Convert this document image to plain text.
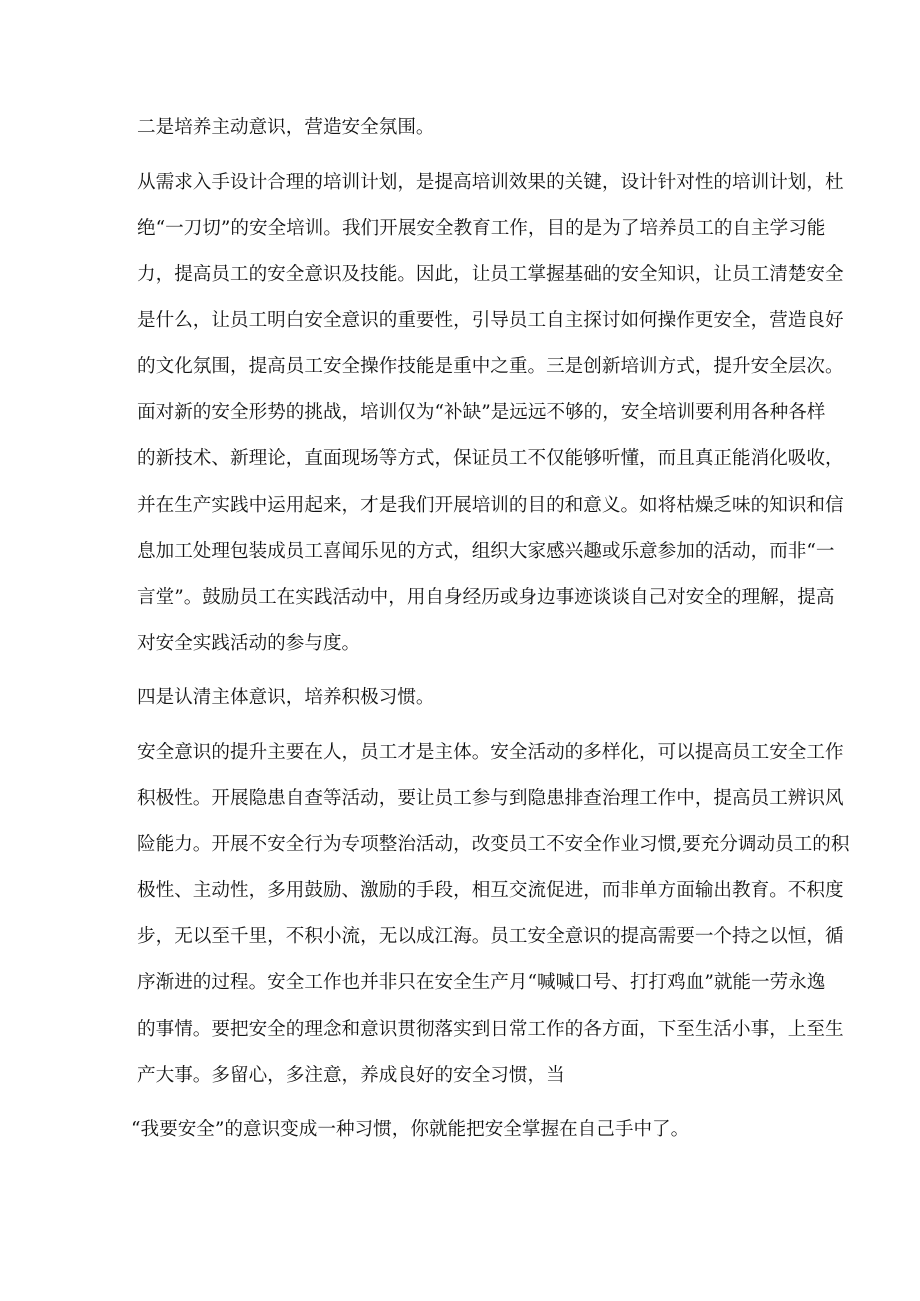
二是培养主动意识，营造安全氛围。

从需求入手设计合理的培训计划，是提高培训效果的关键，设计针对性的培训计划，杜

绝“一刀切”的安全培训。我们开展安全教育工作，目的是为了培养员工的自主学习能

力，提高员工的安全意识及技能。因此，让员工掌握基础的安全知识，让员工清楚安全

是什么，让员工明白安全意识的重要性，引导员工自主探讨如何操作更安全，营造良好

的文化氛围，提高员工安全操作技能是重中之重。三是创新培训方式，提升安全层次。

面对新的安全形势的挑战，培训仅为“补缺”是远远不够的，安全培训要利用各种各样

的新技术、新理论，直面现场等方式，保证员工不仅能够听懂，而且真正能消化吸收，

并在生产实践中运用起来，才是我们开展培训的目的和意义。如将枯燥乏味的知识和信

息加工处理包装成员工喜闻乐见的方式，组织大家感兴趣或乐意参加的活动，而非“一

言堂”。鼓励员工在实践活动中，用自身经历或身边事迹谈谈自己对安全的理解，提高

对安全实践活动的参与度。

四是认清主体意识，培养积极习惯。

安全意识的提升主要在人，员工才是主体。安全活动的多样化，可以提高员工安全工作

积极性。开展隐患自查等活动，要让员工参与到隐患排查治理工作中，提高员工辨识风

险能力。开展不安全行为专项整治活动，改变员工不安全作业习惯,要充分调动员工的积

极性、主动性，多用鼓励、激励的手段，相互交流促进，而非单方面输出教育。不积度

步，无以至千里，不积小流，无以成江海。员工安全意识的提高需要一个持之以恒，循

序渐进的过程。安全工作也并非只在安全生产月“喊喊口号、打打鸡血”就能一劳永逸

的事情。要把安全的理念和意识贯彻落实到日常工作的各方面，下至生活小事，上至生

产大事。多留心，多注意，养成良好的安全习惯，当

“我要安全”的意识变成一种习惯，你就能把安全掌握在自己手中了。
